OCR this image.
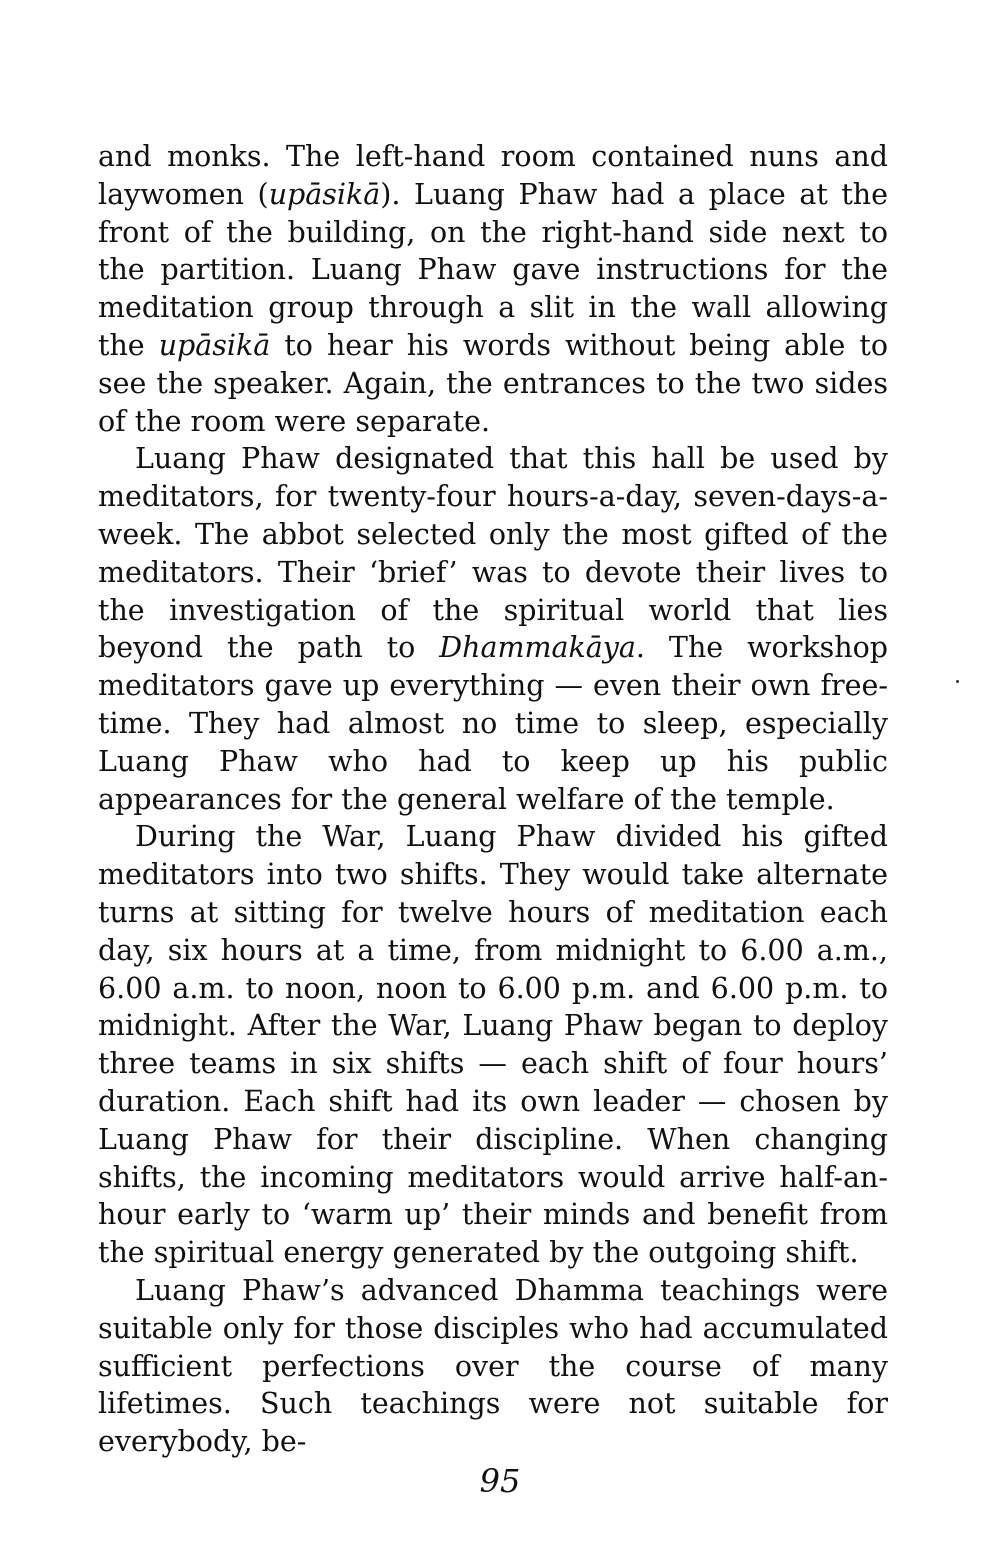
and monks. The left-hand room contained nuns and laywomen (upāsikā). Luang Phaw had a place at the front of the building, on the right-hand side next to the partition. Luang Phaw gave instructions for the meditation group through a slit in the wall allowing the upāsikā to hear his words without being able to see the speaker. Again, the entrances to the two sides of the room were separate.

Luang Phaw designated that this hall be used by meditators, for twenty-four hours-a-day, seven-days-a-week. The abbot selected only the most gifted of the meditators. Their ‘brief’ was to devote their lives to the investigation of the spiritual world that lies beyond the path to Dhammakāya. The workshop meditators gave up everything — even their own free-time. They had almost no time to sleep, especially Luang Phaw who had to keep up his public appearances for the general welfare of the temple.

During the War, Luang Phaw divided his gifted meditators into two shifts. They would take alternate turns at sitting for twelve hours of meditation each day, six hours at a time, from midnight to 6.00 a.m., 6.00 a.m. to noon, noon to 6.00 p.m. and 6.00 p.m. to midnight. After the War, Luang Phaw began to deploy three teams in six shifts — each shift of four hours’ duration. Each shift had its own leader — chosen by Luang Phaw for their discipline. When changing shifts, the incoming meditators would arrive half-an-hour early to ‘warm up’ their minds and benefit from the spiritual energy generated by the outgoing shift.

Luang Phaw’s advanced Dhamma teachings were suitable only for those disciples who had accumulated sufficient perfections over the course of many lifetimes. Such teachings were not suitable for everybody, be-

95
